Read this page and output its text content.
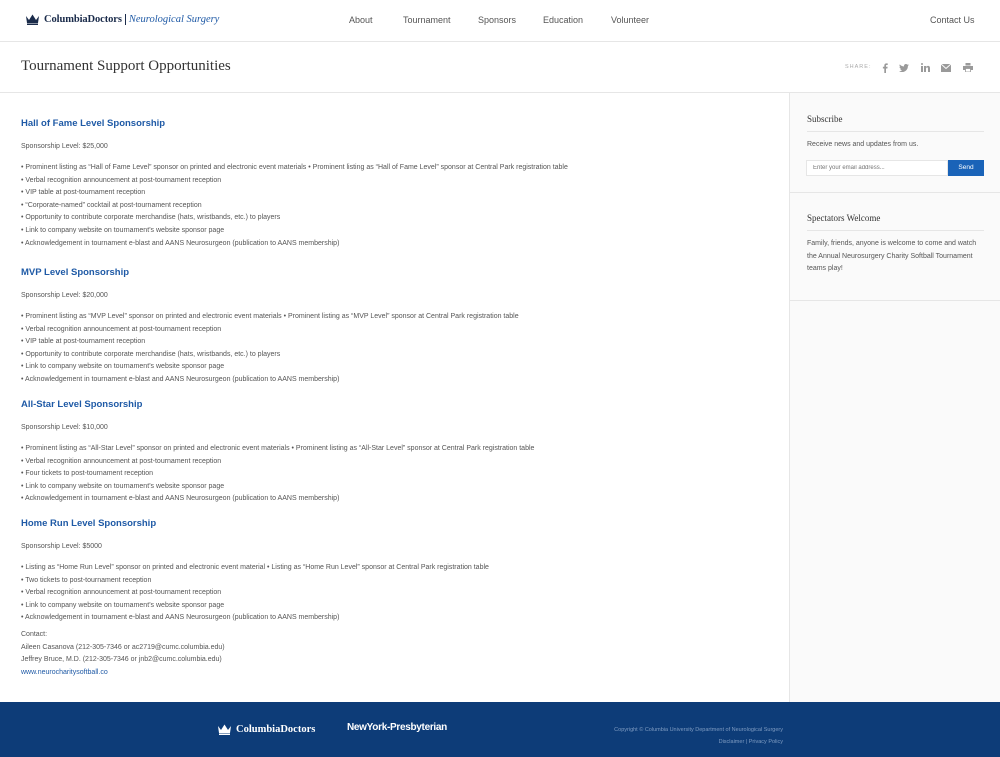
ColumbiaDoctors Neurological Surgery	About	Tournament	Sponsors	Education	Volunteer	Contact Us
Tournament Support Opportunities	SHARE:
Hall of Fame Level Sponsorship

Sponsorship Level: $25,000

• Prominent listing as “Hall of Fame Level” sponsor on printed and electronic event materials • Prominent listing as “Hall of Fame Level” sponsor at Central Park registration table
• Verbal recognition announcement at post-tournament reception
• VIP table at post-tournament reception
• “Corporate-named” cocktail at post-tournament reception
• Opportunity to contribute corporate merchandise (hats, wristbands, etc.) to players
• Link to company website on tournament’s website sponsor page
• Acknowledgement in tournament e-blast and AANS Neurosurgeon (publication to AANS membership)
MVP Level Sponsorship

Sponsorship Level: $20,000

• Prominent listing as “MVP Level” sponsor on printed and electronic event materials • Prominent listing as “MVP Level” sponsor at Central Park registration table
• Verbal recognition announcement at post-tournament reception
• VIP table at post-tournament reception
• Opportunity to contribute corporate merchandise (hats, wristbands, etc.) to players
• Link to company website on tournament’s website sponsor page
• Acknowledgement in tournament e-blast and AANS Neurosurgeon (publication to AANS membership)
All-Star Level Sponsorship

Sponsorship Level: $10,000

• Prominent listing as “All-Star Level” sponsor on printed and electronic event materials • Prominent listing as “All-Star Level” sponsor at Central Park registration table
• Verbal recognition announcement at post-tournament reception
• Four tickets to post-tournament reception
• Link to company website on tournament’s website sponsor page
• Acknowledgement in tournament e-blast and AANS Neurosurgeon (publication to AANS membership)
Home Run Level Sponsorship

Sponsorship Level: $5000

• Listing as “Home Run Level” sponsor on printed and electronic event material • Listing as “Home Run Level” sponsor at Central Park registration table
• Two tickets to post-tournament reception
• Verbal recognition announcement at post-tournament reception
• Link to company website on tournament’s website sponsor page
• Acknowledgement in tournament e-blast and AANS Neurosurgeon (publication to AANS membership)
Contact:
Aileen Casanova (212-305-7346 or ac2719@cumc.columbia.edu)
Jeffrey Bruce, M.D. (212-305-7346 or jnb2@cumc.columbia.edu)
www.neurocharitysoftball.co
Subscribe
Receive news and updates from us.
Spectators Welcome
Family, friends, anyone is welcome to come and watch the Annual Neurosurgery Charity Softball Tournament teams play!
Enter your email address...
Send
ColumbiaDoctors	NewYork-Presbyterian	Copyright © Columbia University Department of Neurological Surgery
Disclaimer | Privacy Policy
